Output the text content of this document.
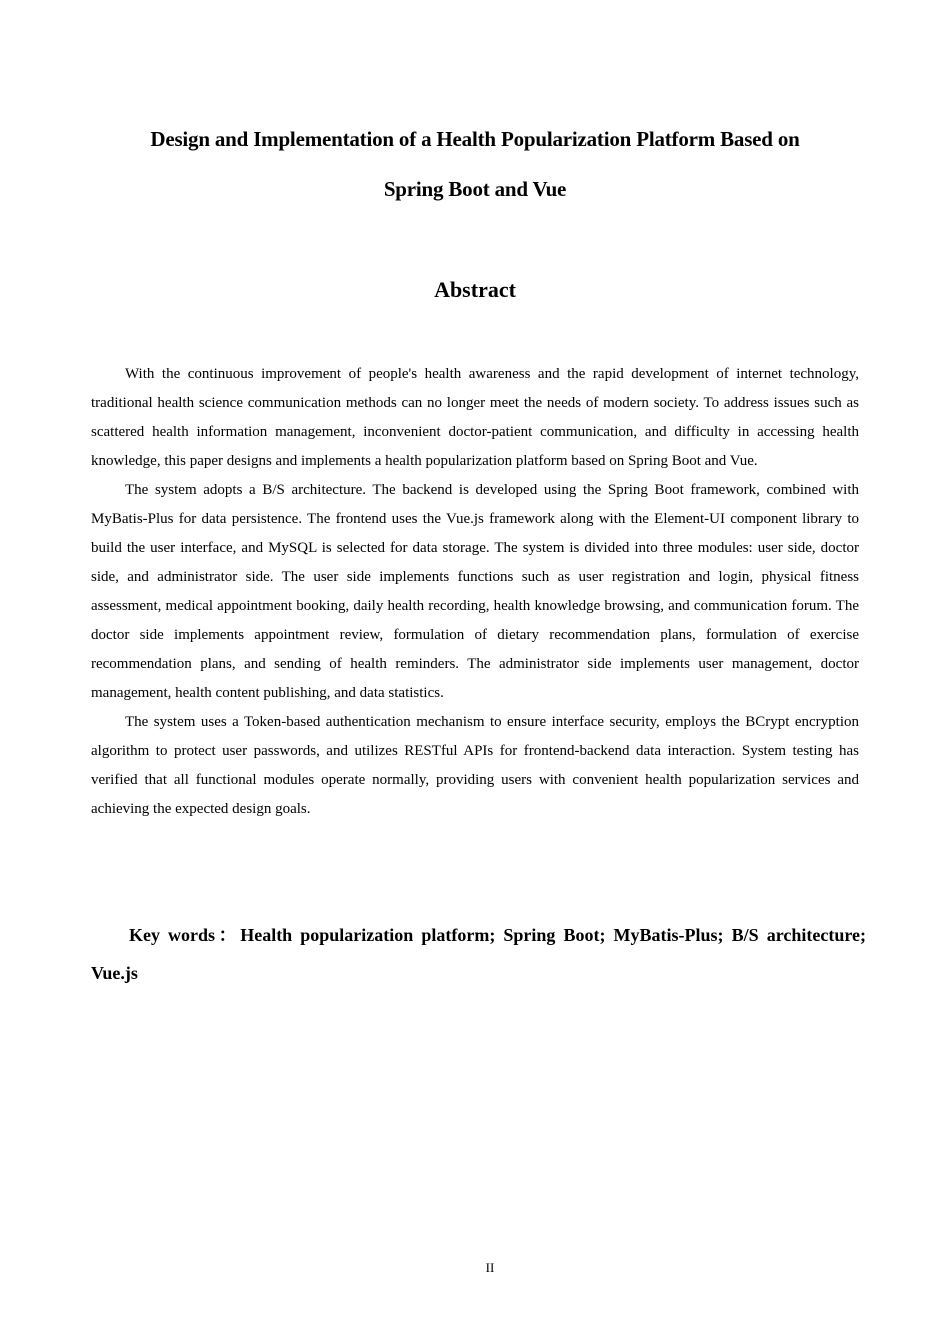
Design and Implementation of a Health Popularization Platform Based on
Spring Boot and Vue
Abstract

With the continuous improvement of people's health awareness and the rapid development of internet technology, traditional health science communication methods can no longer meet the needs of modern society. To address issues such as scattered health information management, inconvenient doctor-patient communication, and difficulty in accessing health knowledge, this paper designs and implements a health popularization platform based on Spring Boot and Vue.

The system adopts a B/S architecture. The backend is developed using the Spring Boot framework, combined with MyBatis-Plus for data persistence. The frontend uses the Vue.js framework along with the Element-UI component library to build the user interface, and MySQL is selected for data storage. The system is divided into three modules: user side, doctor side, and administrator side. The user side implements functions such as user registration and login, physical fitness assessment, medical appointment booking, daily health recording, health knowledge browsing, and communication forum. The doctor side implements appointment review, formulation of dietary recommendation plans, formulation of exercise recommendation plans, and sending of health reminders. The administrator side implements user management, doctor management, health content publishing, and data statistics.

The system uses a Token-based authentication mechanism to ensure interface security, employs the BCrypt encryption algorithm to protect user passwords, and utilizes RESTful APIs for frontend-backend data interaction. System testing has verified that all functional modules operate normally, providing users with convenient health popularization services and achieving the expected design goals.

Key words：Health popularization platform; Spring Boot; MyBatis-Plus; B/S architecture; Vue.js
II
